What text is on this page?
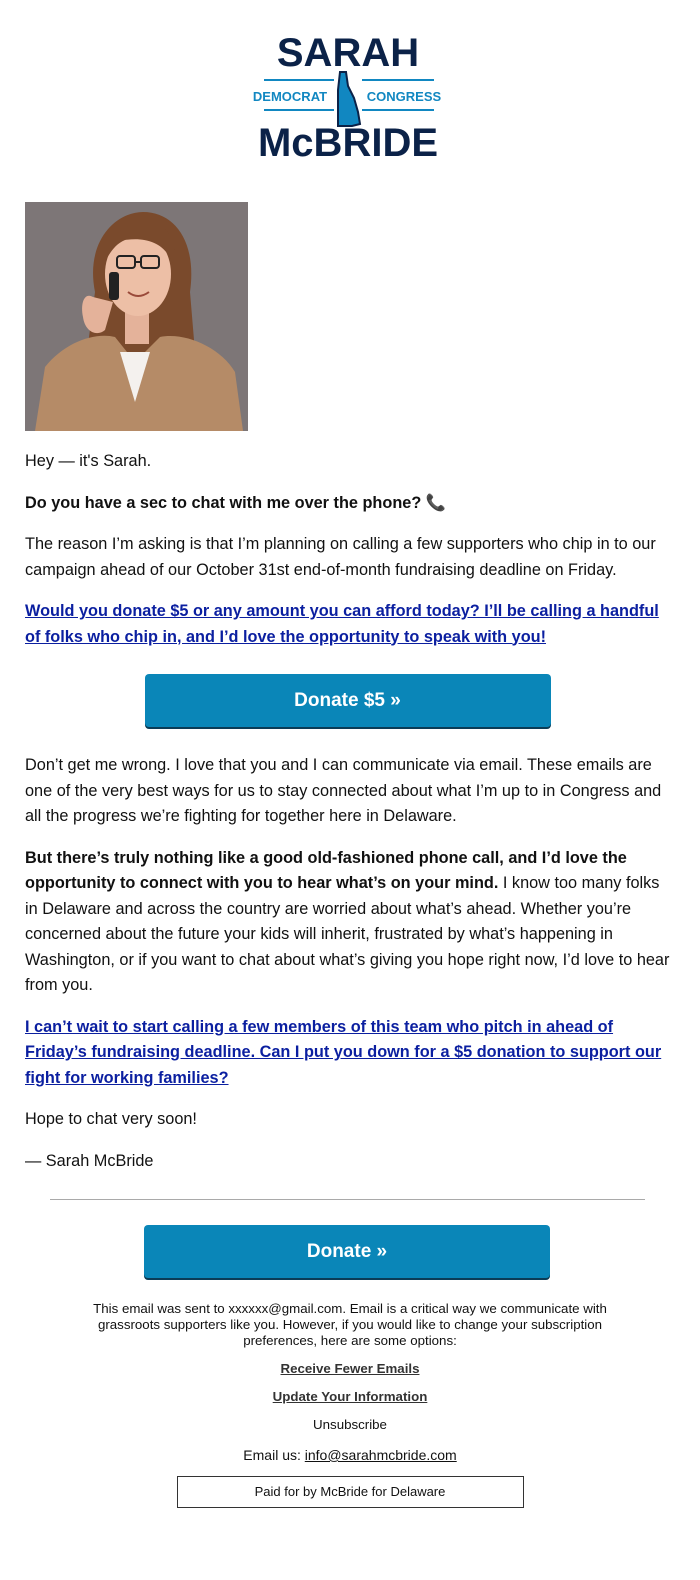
SARAH
DEMOCRAT	CONGRESS
McBRIDE

Hey — it's Sarah.

Do you have a sec to chat with me over the phone? 📞

The reason I’m asking is that I’m planning on calling a few supporters who chip in to our campaign ahead of our October 31st end-of-month fundraising deadline on Friday.

Would you donate $5 or any amount you can afford today? I’ll be calling a handful of folks who chip in, and I’d love the opportunity to speak with you!

Donate $5 »

Don’t get me wrong. I love that you and I can communicate via email. These emails are one of the very best ways for us to stay connected about what I’m up to in Congress and all the progress we’re fighting for together here in Delaware.

But there’s truly nothing like a good old-fashioned phone call, and I’d love the opportunity to connect with you to hear what’s on your mind. I know too many folks in Delaware and across the country are worried about what’s ahead. Whether you’re concerned about the future your kids will inherit, frustrated by what’s happening in Washington, or if you want to chat about what’s giving you hope right now, I’d love to hear from you.

I can’t wait to start calling a few members of this team who pitch in ahead of Friday’s fundraising deadline. Can I put you down for a $5 donation to support our fight for working families?

Hope to chat very soon!

— Sarah McBride

Donate »
This email was sent to xxxxxx@gmail.com. Email is a critical way we communicate with grassroots supporters like you. However, if you would like to change your subscription preferences, here are some options:
Receive Fewer Emails
Update Your Information
Unsubscribe
Email us: info@sarahmcbride.com
Paid for by McBride for Delaware
